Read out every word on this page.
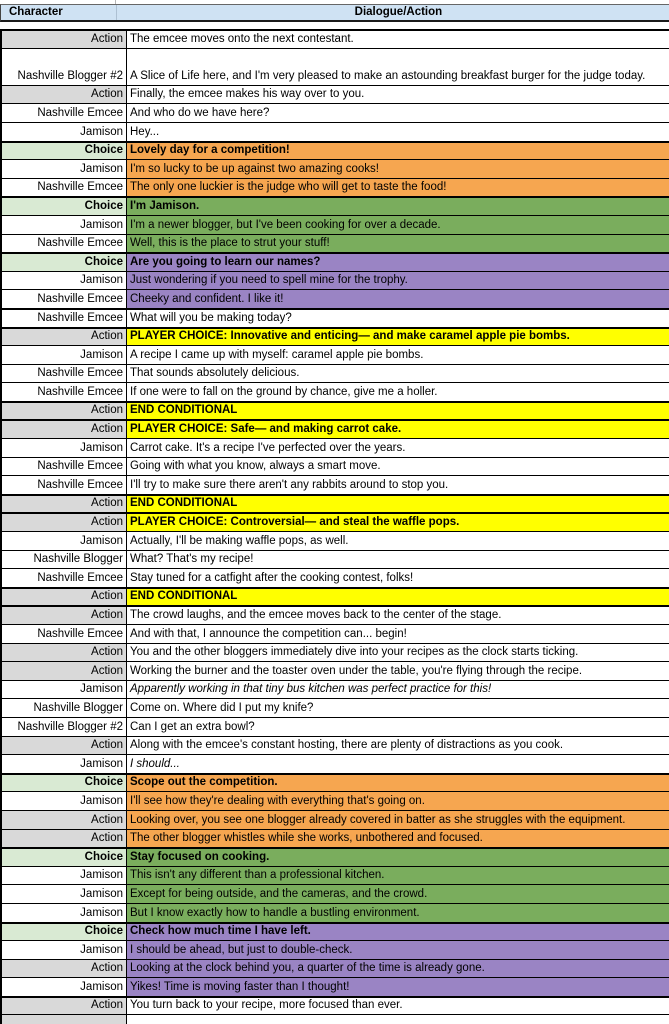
Character	Dialogue/Action
Action The emcee moves onto the next contestant.
Nashville Blogger #2 A Slice of Life here, and I'm very pleased to make an astounding breakfast burger for the judge today.
Action Finally, the emcee makes his way over to you.
Nashville Emcee And who do we have here?
Jamison Hey...
Choice Lovely day for a competition!
Jamison I'm so lucky to be up against two amazing cooks!
Nashville Emcee The only one luckier is the judge who will get to taste the food!
Choice I'm Jamison.
Jamison I'm a newer blogger, but I've been cooking for over a decade.
Nashville Emcee Well, this is the place to strut your stuff!
Choice Are you going to learn our names?
Jamison Just wondering if you need to spell mine for the trophy.
Nashville Emcee Cheeky and confident. I like it!
Nashville Emcee What will you be making today?
Action PLAYER CHOICE: Innovative and enticing— and make caramel apple pie bombs.
Jamison A recipe I came up with myself: caramel apple pie bombs.
Nashville Emcee That sounds absolutely delicious.
Nashville Emcee If one were to fall on the ground by chance, give me a holler.
Action END CONDITIONAL
Action PLAYER CHOICE: Safe— and making carrot cake.
Jamison Carrot cake. It's a recipe I've perfected over the years.
Nashville Emcee Going with what you know, always a smart move.
Nashville Emcee I'll try to make sure there aren't any rabbits around to stop you.
Action END CONDITIONAL
Action PLAYER CHOICE: Controversial— and steal the waffle pops.
Jamison Actually, I'll be making waffle pops, as well.
Nashville Blogger What? That's my recipe!
Nashville Emcee Stay tuned for a catfight after the cooking contest, folks!
Action END CONDITIONAL
Action The crowd laughs, and the emcee moves back to the center of the stage.
Nashville Emcee And with that, I announce the competition can... begin!
Action You and the other bloggers immediately dive into your recipes as the clock starts ticking.
Action Working the burner and the toaster oven under the table, you're flying through the recipe.
Jamison Apparently working in that tiny bus kitchen was perfect practice for this!
Nashville Blogger Come on. Where did I put my knife?
Nashville Blogger #2 Can I get an extra bowl?
Action Along with the emcee's constant hosting, there are plenty of distractions as you cook.
Jamison I should...
Choice Scope out the competition.
Jamison I'll see how they're dealing with everything that's going on.
Action Looking over, you see one blogger already covered in batter as she struggles with the equipment.
Action The other blogger whistles while she works, unbothered and focused.
Choice Stay focused on cooking.
Jamison This isn't any different than a professional kitchen.
Jamison Except for being outside, and the cameras, and the crowd.
Jamison But I know exactly how to handle a bustling environment.
Choice Check how much time I have left.
Jamison I should be ahead, but just to double-check.
Action Looking at the clock behind you, a quarter of the time is already gone.
Jamison Yikes! Time is moving faster than I thought!
Action You turn back to your recipe, more focused than ever.
